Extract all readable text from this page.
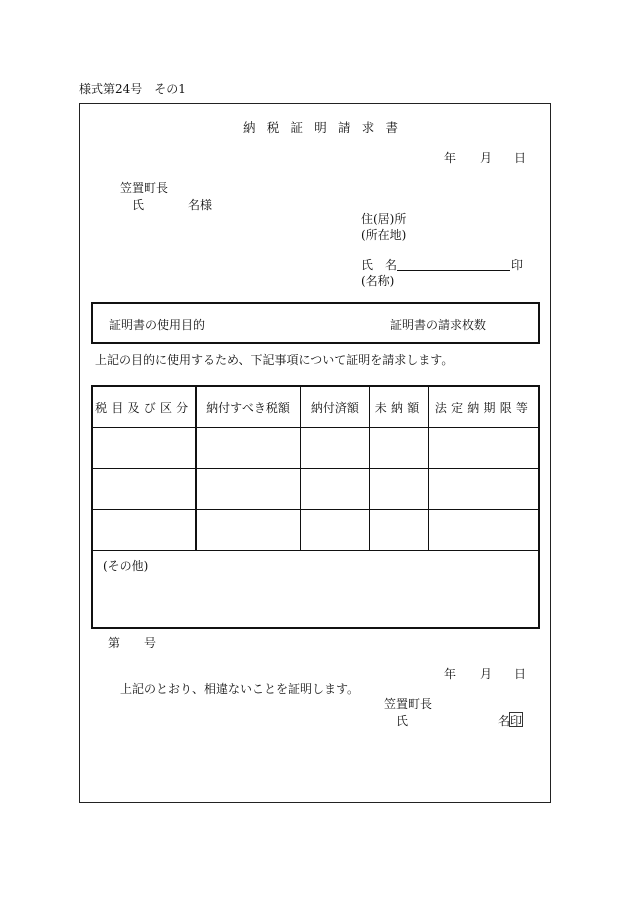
様式第24号　その1
納税証明請求書
年 月 日
笠置町長
氏	名様
住(居)所
(所在地)
氏　名	印
(名称)
証明書の使用目的	証明書の請求枚数
上記の目的に使用するため、下記事項について証明を請求します。
税目及び区分	納付すべき税額	納付済額	未納額	法定納期限等

(その他)				
第 号
年 月 日
上記のとおり、相違ないことを証明します。
笠置町長
氏	名 印
